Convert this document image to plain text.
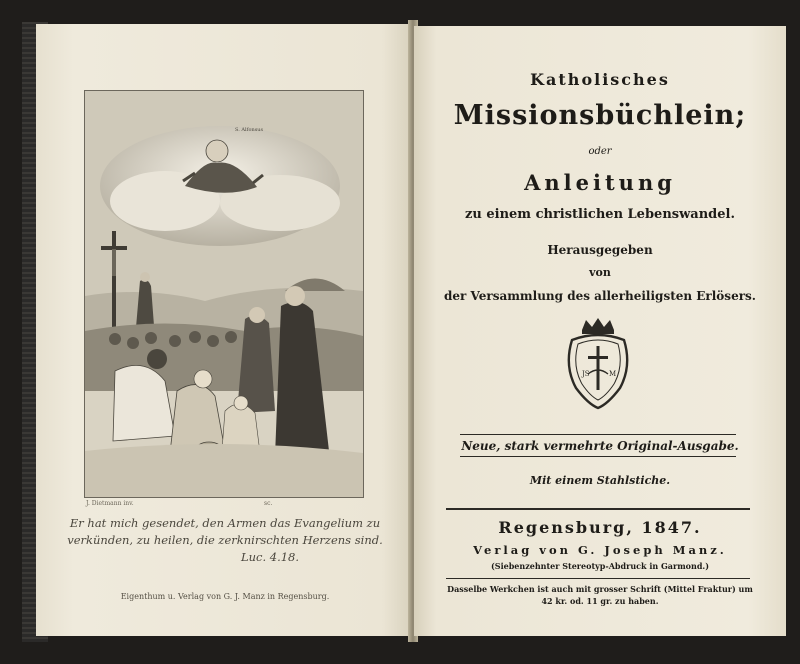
S. Alfonsus
J. Dietmann inv.	sc.
Er hat mich gesendet, den Armen das Evangelium zu
verkünden, zu heilen, die zerknirschten Herzens sind.
Luc. 4.18.
Eigenthum u. Verlag von G. J. Manz in Regensburg.
Katholisches
Missionsbüchlein;
oder
Anleitung
zu einem christlichen Lebenswandel.
Herausgegeben
von
der Versammlung des allerheiligsten Erlösers.
JS	M
Neue, stark vermehrte Original-Ausgabe.
Mit einem Stahlstiche.
Regensburg, 1847.
Verlag von G. Joseph Manz.
(Siebenzehnter Stereotyp-Abdruck in Garmond.)
Dasselbe Werkchen ist auch mit grosser Schrift (Mittel Fraktur) um
42 kr. od. 11 gr. zu haben.
